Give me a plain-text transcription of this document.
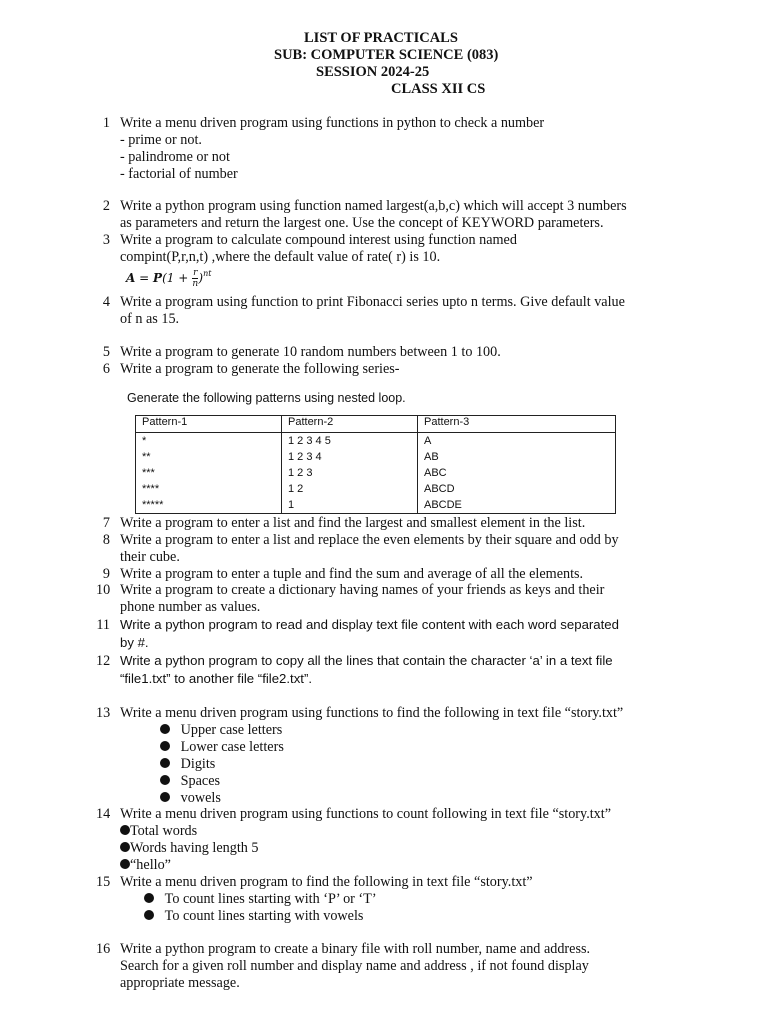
LIST OF PRACTICALS
SUB: COMPUTER SCIENCE (083)
SESSION 2024-25
CLASS XII CS
1 Write a menu driven program using functions in python to check a number
- prime or not.
- palindrome or not
- factorial of number
2 Write a python program using function named largest(a,b,c) which will accept 3 numbers
as parameters and return the largest one. Use the concept of KEYWORD parameters.
3 Write a program to calculate compound interest using function named
compint(P,r,n,t) ,where the default value of rate( r) is 10.
$A = P(1 + \frac{r}{n} )^{nt}$
4 Write a program using function to print Fibonacci series upto n terms. Give default value
of n as 15.
5 Write a program to generate 10 random numbers between 1 to 100.
6 Write a program to generate the following series-
Generate the following patterns using nested loop.
Pattern-1	Pattern-2	Pattern-3
*	1 2 3 4 5	A
**	1 2 3 4	AB
***	1 2 3	ABC
****	1 2	ABCD
*****	1	ABCDE
7 Write a program to enter a list and find the largest and smallest element in the list.
8 Write a program to enter a list and replace the even elements by their square and odd by
their cube.
9 Write a program to enter a tuple and find the sum and average of all the elements.
10 Write a program to create a dictionary having names of your friends as keys and their
phone number as values.
11 Write a python program to read and display text file content with each word separated
by #.
12 Write a python program to copy all the lines that contain the character ‘a’ in a text file
“file1.txt” to another file “file2.txt”.
13 Write a menu driven program using functions to find the following in text file “story.txt”
Upper case letters
Lower case letters
Digits
Spaces
vowels
14 Write a menu driven program using functions to count following in text file “story.txt”
Total words
Words having length 5
“hello”
15 Write a menu driven program to find the following in text file “story.txt”
To count lines starting with ‘P’ or ‘T’
To count lines starting with vowels
16 Write a python program to create a binary file with roll number, name and address.
Search for a given roll number and display name and address , if not found display
appropriate message.
